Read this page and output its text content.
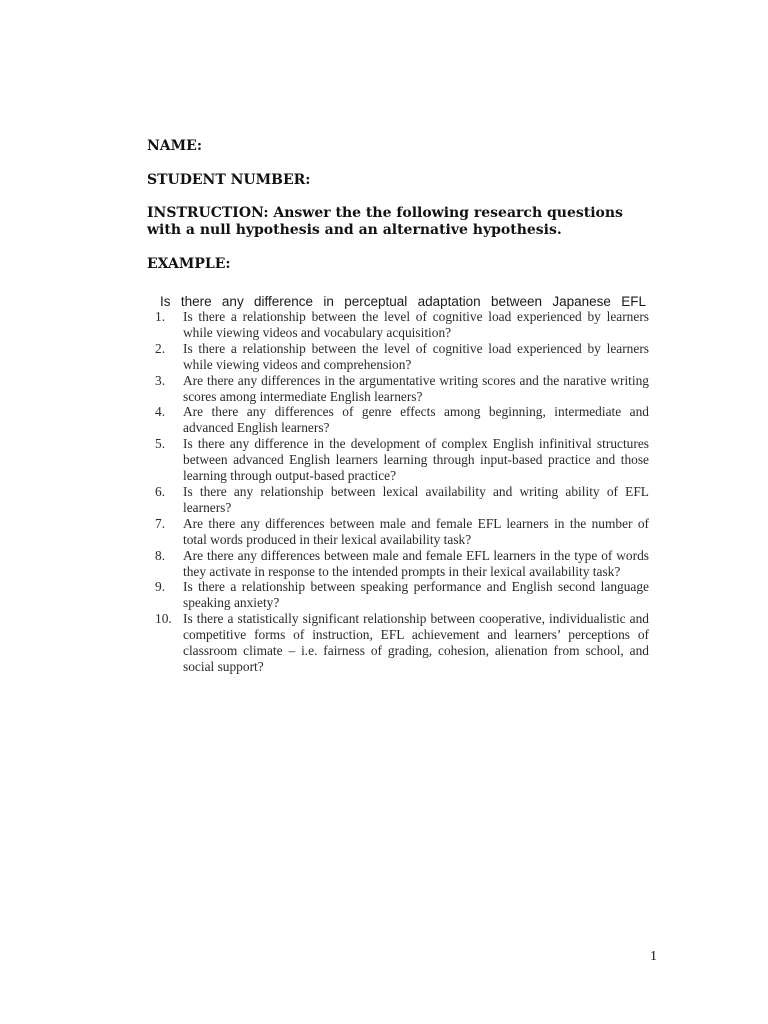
NAME:
STUDENT NUMBER:
INSTRUCTION: Answer the the following research questions with a null hypothesis and an alternative hypothesis.
EXAMPLE:
Is there any difference in perceptual adaptation between Japanese EFL
1.	Is there a relationship between the level of cognitive load experienced by learners while viewing videos and vocabulary acquisition?
2.	Is there a relationship between the level of cognitive load experienced by learners while viewing videos and comprehension?
3.	Are there any differences in the argumentative writing scores and the narative writing scores among intermediate English learners?
4.	Are there any differences of genre effects among beginning, intermediate and advanced English learners?
5.	Is there any difference in the development of complex English infinitival structures between advanced English learners learning through input-based practice and those learning through output-based practice?
6.	Is there any relationship between lexical availability and writing ability of EFL learners?
7.	Are there any differences between male and female EFL learners in the number of total words produced in their lexical availability task?
8.	Are there any differences between male and female EFL learners in the type of words they activate in response to the intended prompts in their lexical availability task?
9.	Is there a relationship between speaking performance and English second language speaking anxiety?
10. Is there a statistically significant relationship between cooperative, individualistic and competitive forms of instruction, EFL achievement and learners’ perceptions of classroom climate – i.e. fairness of grading, cohesion, alienation from school, and social support?
1
